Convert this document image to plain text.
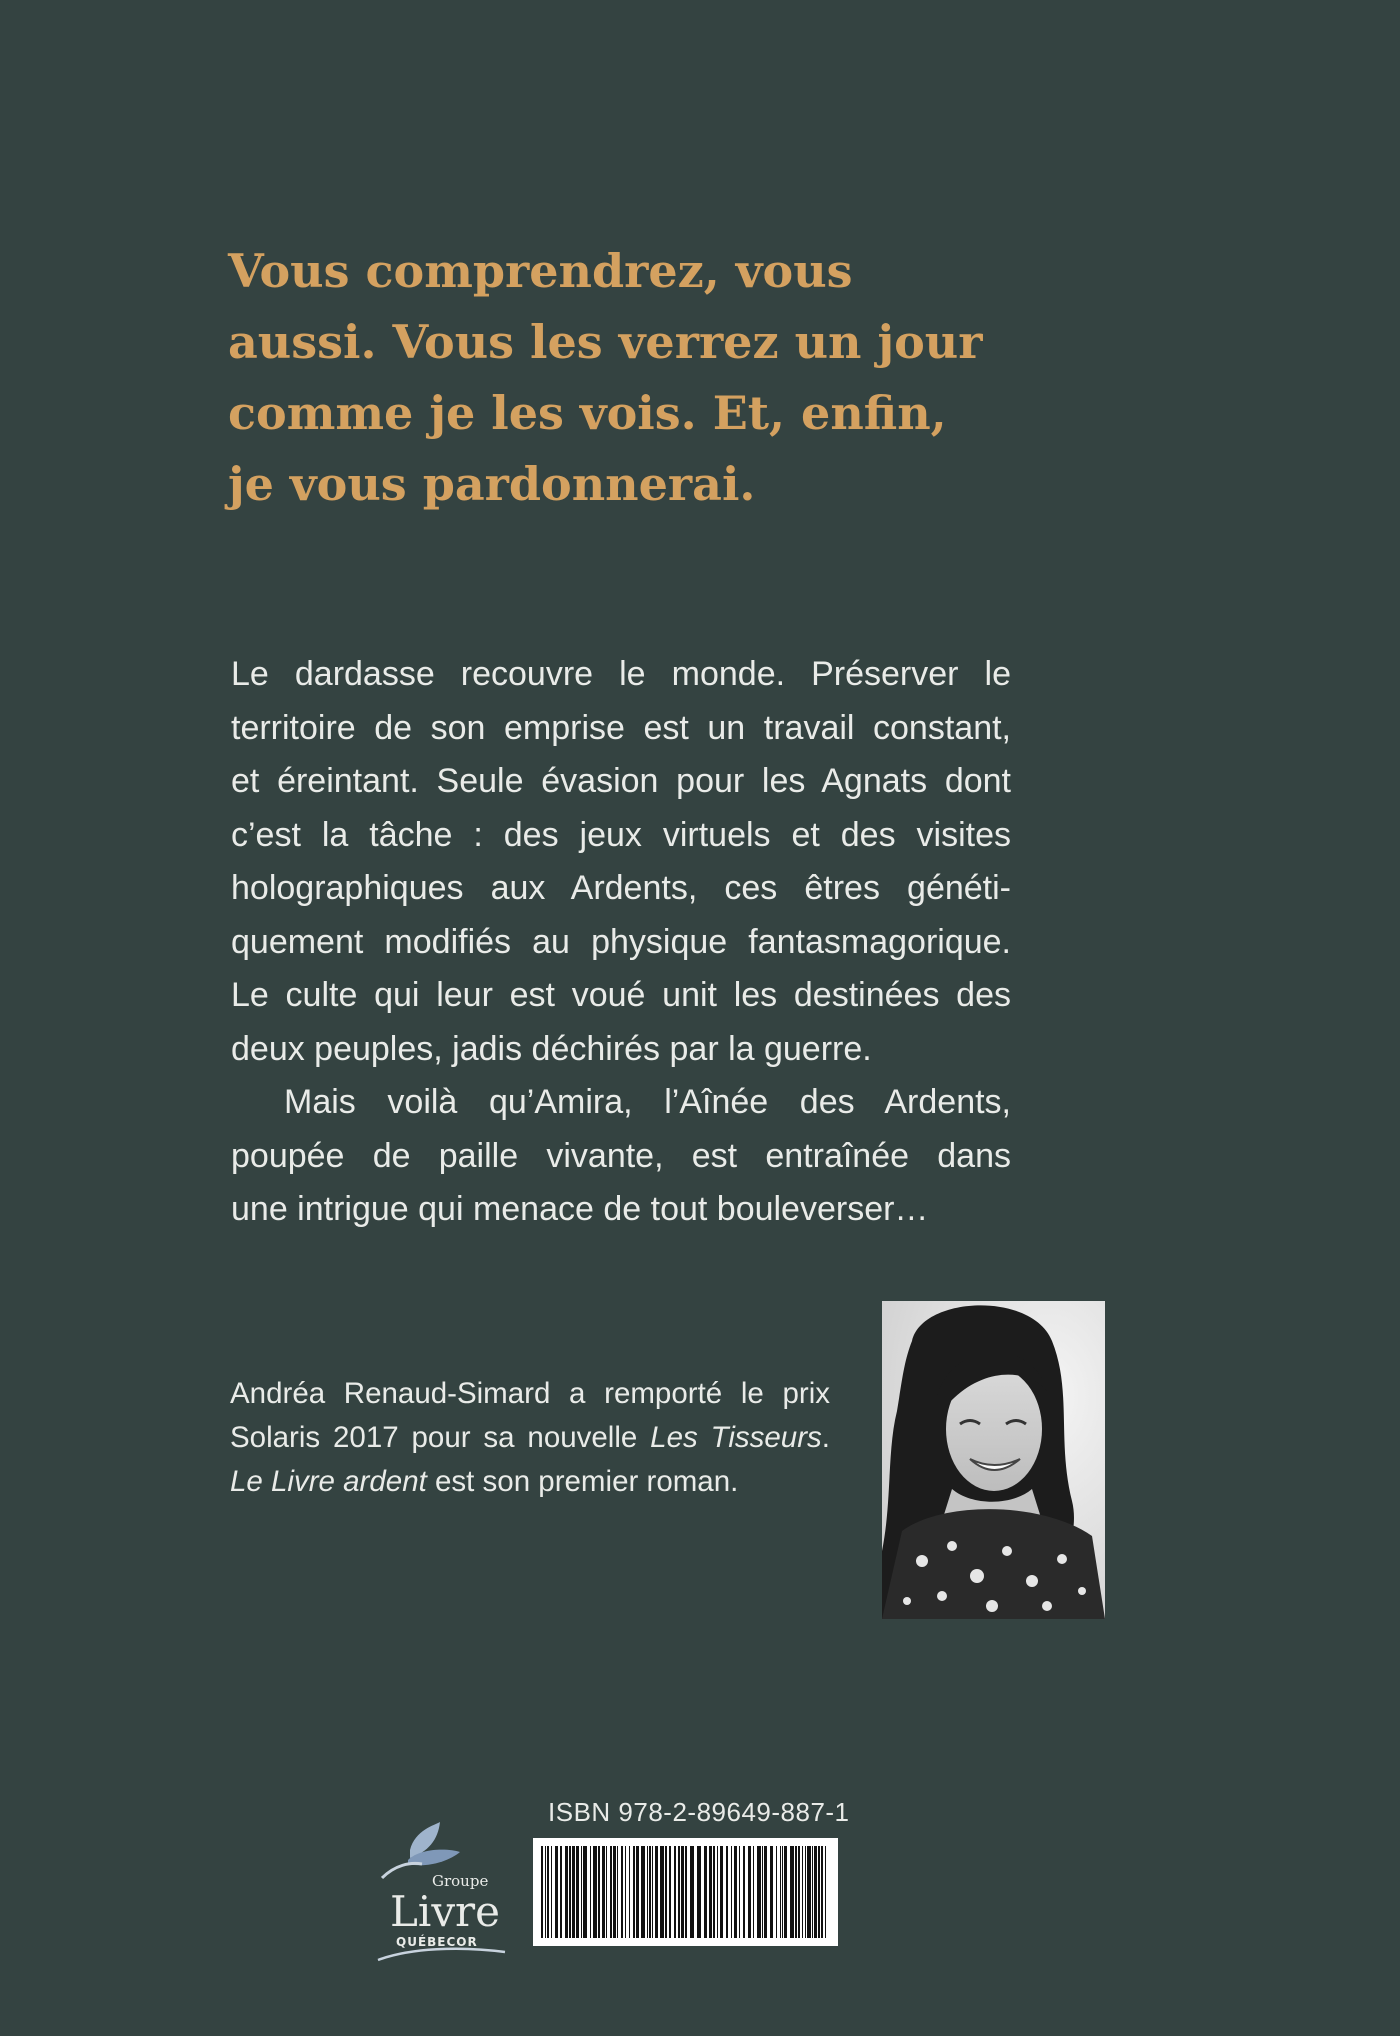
Vous comprendrez, vous
aussi. Vous les verrez un jour
comme je les vois. Et, enfin,
je vous pardonnerai.
Le dardasse recouvre le monde. Préserver le
territoire de son emprise est un travail constant,
et éreintant. Seule évasion pour les Agnats dont
c’est la tâche : des jeux virtuels et des visites
holographiques aux Ardents, ces êtres généti-
quement modifiés au physique fantasmagorique.
Le culte qui leur est voué unit les destinées des
deux peuples, jadis déchirés par la guerre.
Mais voilà qu’Amira, l’Aînée des Ardents,
poupée de paille vivante, est entraînée dans
une intrigue qui menace de tout bouleverser…
Andréa Renaud-Simard a remporté le prix
Solaris 2017 pour sa nouvelle Les Tisseurs.
Le Livre ardent est son premier roman.
ISBN 978-2-89649-887-1
Groupe
Livre
QUÉBECOR
